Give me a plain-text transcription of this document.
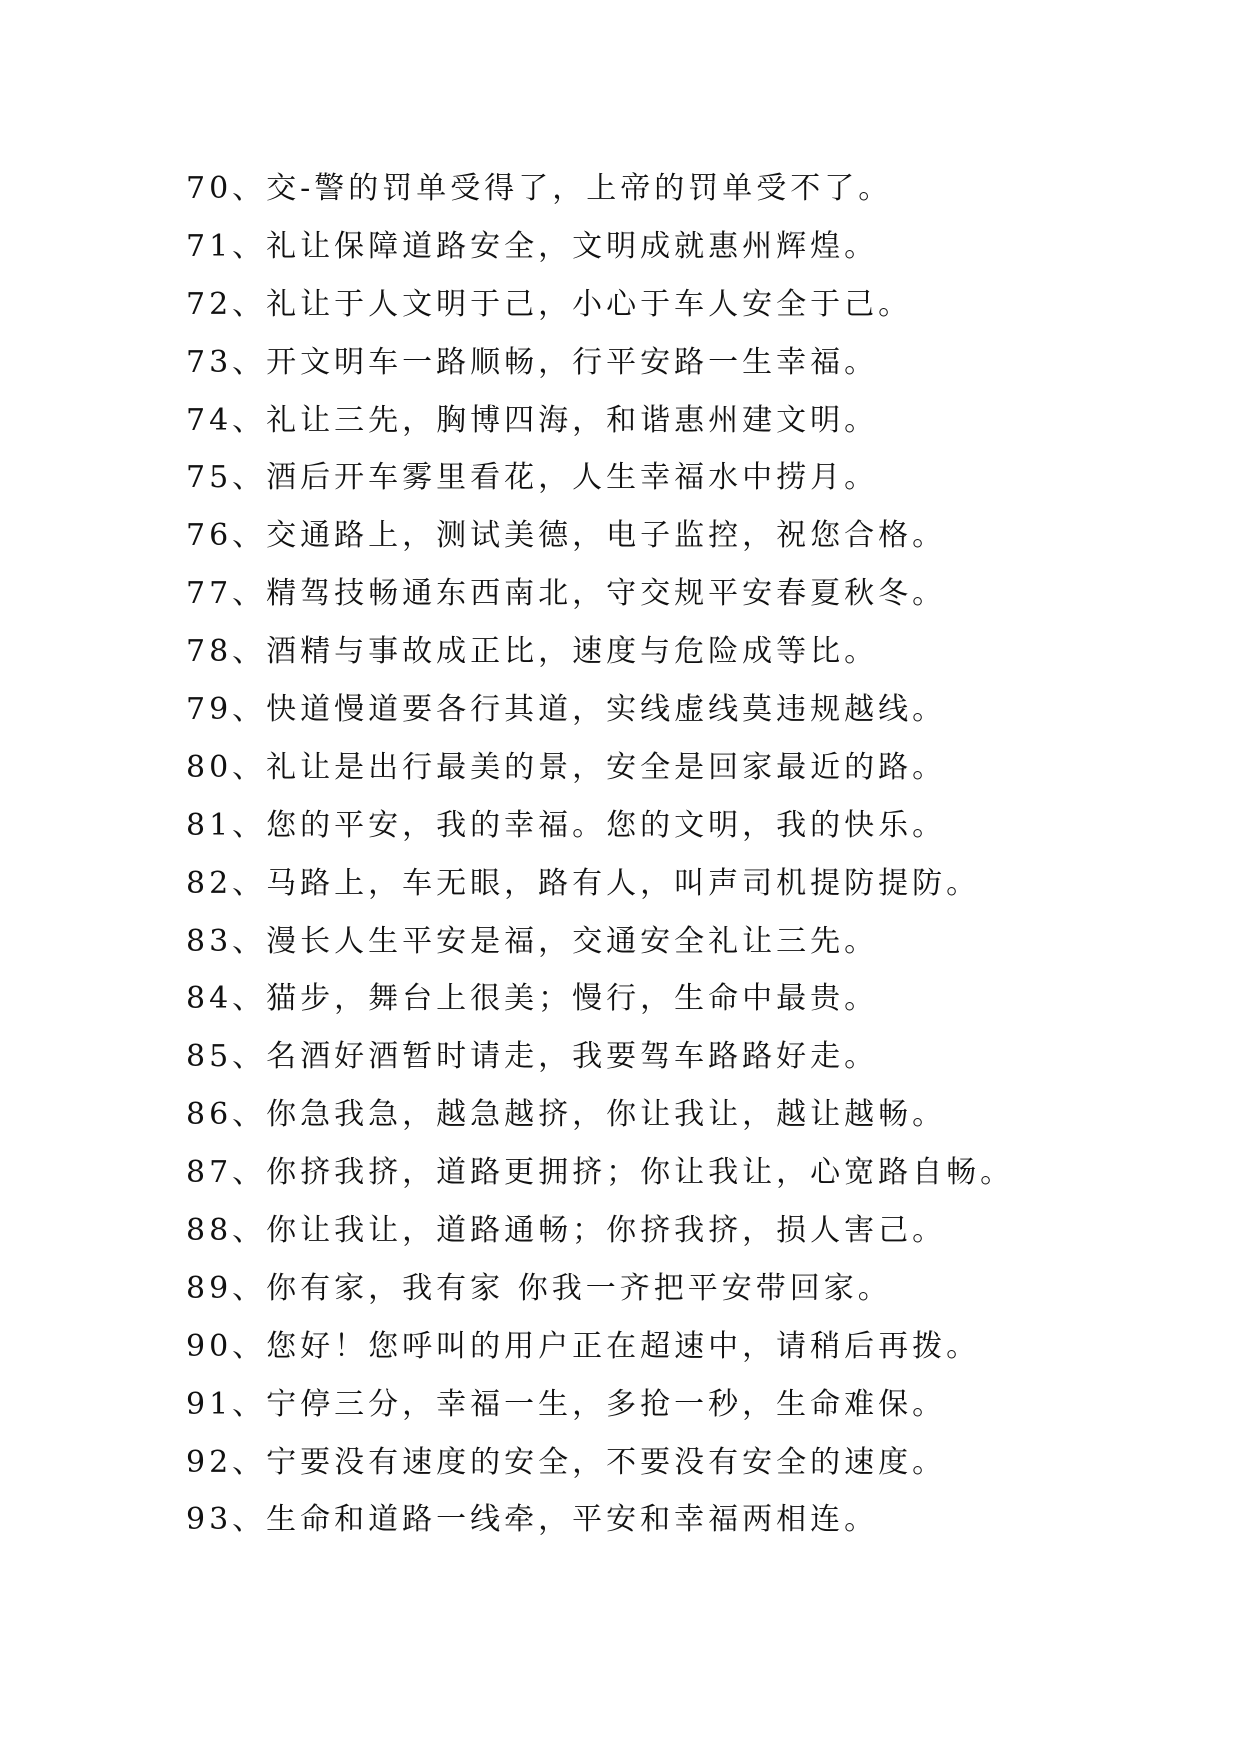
70、交-警的罚单受得了，上帝的罚单受不了。
71、礼让保障道路安全，文明成就惠州辉煌。
72、礼让于人文明于己，小心于车人安全于己。
73、开文明车一路顺畅，行平安路一生幸福。
74、礼让三先，胸博四海，和谐惠州建文明。
75、酒后开车雾里看花，人生幸福水中捞月。
76、交通路上，测试美德，电子监控，祝您合格。
77、精驾技畅通东西南北，守交规平安春夏秋冬。
78、酒精与事故成正比，速度与危险成等比。
79、快道慢道要各行其道，实线虚线莫违规越线。
80、礼让是出行最美的景，安全是回家最近的路。
81、您的平安，我的幸福。您的文明，我的快乐。
82、马路上，车无眼，路有人，叫声司机提防提防。
83、漫长人生平安是福，交通安全礼让三先。
84、猫步，舞台上很美；慢行，生命中最贵。
85、名酒好酒暂时请走，我要驾车路路好走。
86、你急我急，越急越挤，你让我让，越让越畅。
87、你挤我挤，道路更拥挤；你让我让，心宽路自畅。
88、你让我让，道路通畅；你挤我挤，损人害己。
89、你有家，我有家 你我一齐把平安带回家。
90、您好！您呼叫的用户正在超速中，请稍后再拨。
91、宁停三分，幸福一生，多抢一秒，生命难保。
92、宁要没有速度的安全，不要没有安全的速度。
93、生命和道路一线牵，平安和幸福两相连。
